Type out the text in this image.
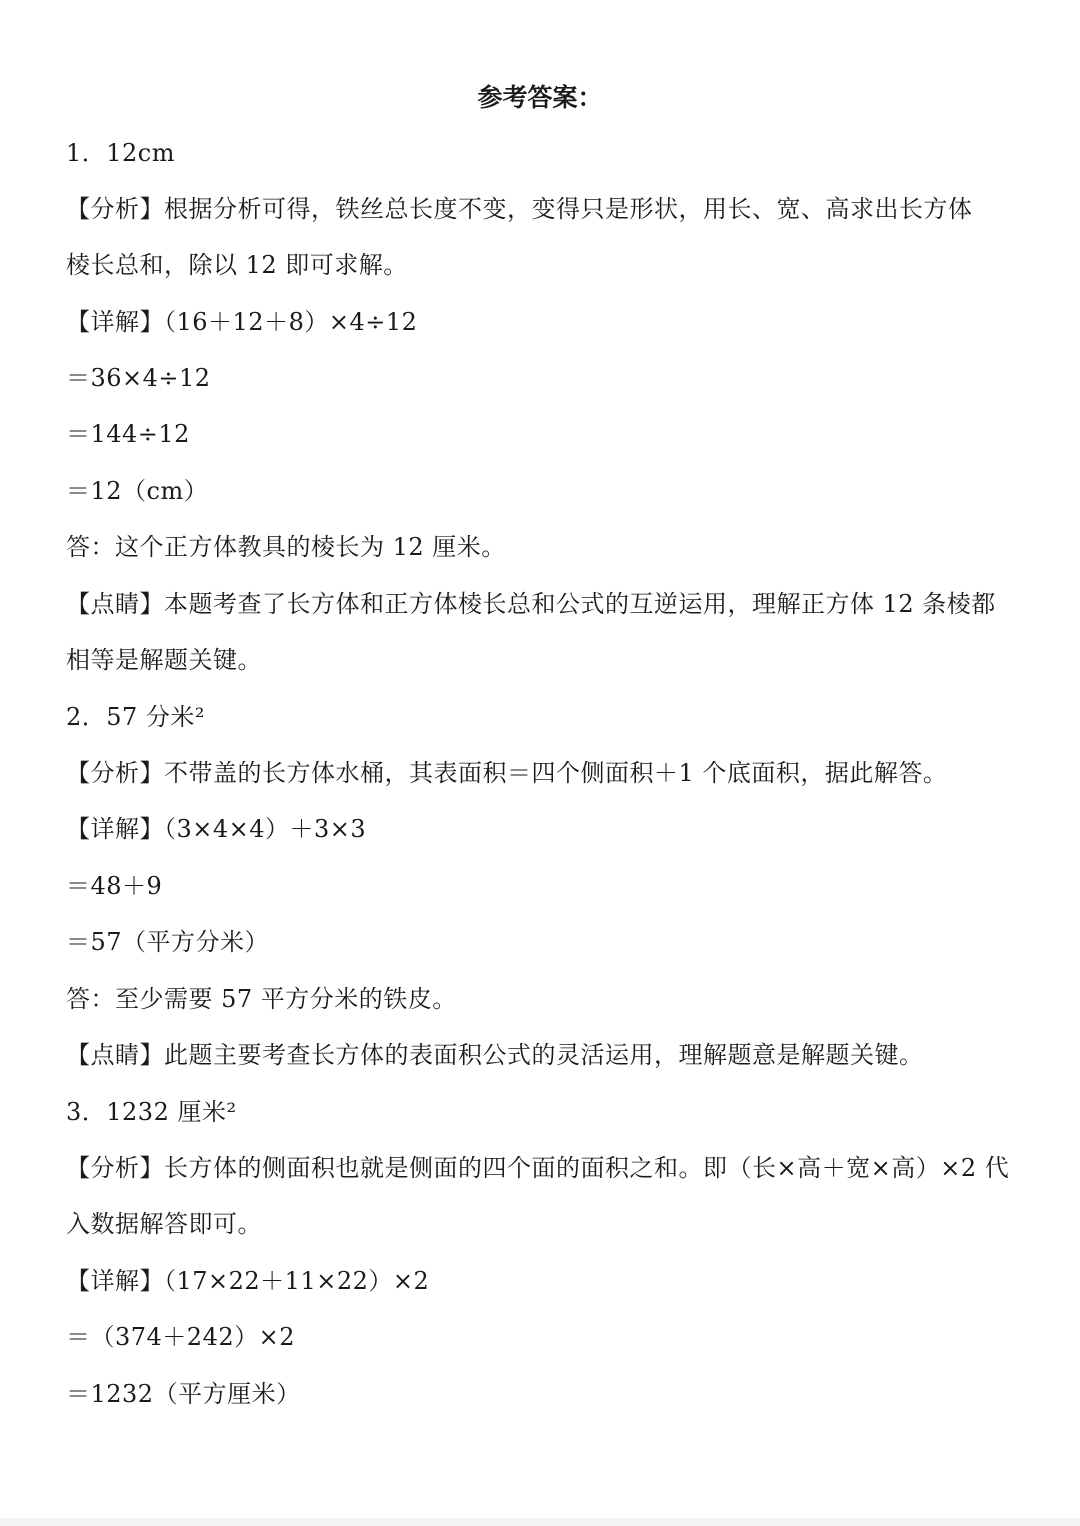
参考答案：
1．12cm
【分析】根据分析可得，铁丝总长度不变，变得只是形状，用长、宽、高求出长方体
棱长总和，除以 12 即可求解。
【详解】（16＋12＋8）×4÷12
＝36×4÷12
＝144÷12
＝12（cm）
答：这个正方体教具的棱长为 12 厘米。
【点睛】本题考查了长方体和正方体棱长总和公式的互逆运用，理解正方体 12 条棱都
相等是解题关键。
2．57 分米²
【分析】不带盖的长方体水桶，其表面积＝四个侧面积＋1 个底面积，据此解答。
【详解】（3×4×4）＋3×3
＝48＋9
＝57（平方分米）
答：至少需要 57 平方分米的铁皮。
【点睛】此题主要考查长方体的表面积公式的灵活运用，理解题意是解题关键。
3．1232 厘米²
【分析】长方体的侧面积也就是侧面的四个面的面积之和。即（长×高＋宽×高）×2 代
入数据解答即可。
【详解】（17×22＋11×22）×2
＝（374＋242）×2
＝1232（平方厘米）
